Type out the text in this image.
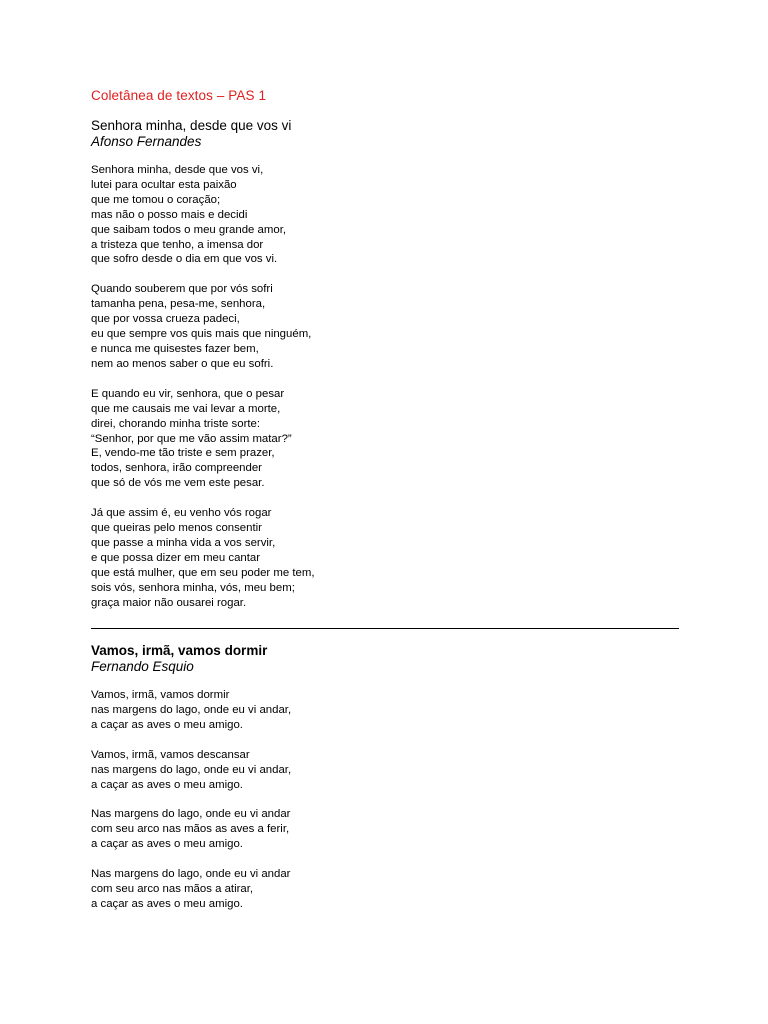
Coletânea de textos – PAS 1
Senhora minha, desde que vos vi
Afonso Fernandes
Senhora minha, desde que vos vi,
lutei para ocultar esta paixão
que me tomou o coração;
mas não o posso mais e decidi
que saibam todos o meu grande amor,
a tristeza que tenho, a imensa dor
que sofro desde o dia em que vos vi.
Quando souberem que por vós sofri
tamanha pena, pesa-me, senhora,
que por vossa crueza padeci,
eu que sempre vos quis mais que ninguém,
e nunca me quisestes fazer bem,
nem ao menos saber o que eu sofri.
E quando eu vir, senhora, que o pesar
que me causais me vai levar a morte,
direi, chorando minha triste sorte:
“Senhor, por que me vão assim matar?”
E, vendo-me tão triste e sem prazer,
todos, senhora, irão compreender
que só de vós me vem este pesar.
Já que assim é, eu venho vós rogar
que queiras pelo menos consentir
que passe a minha vida a vos servir,
e que possa dizer em meu cantar
que está mulher, que em seu poder me tem,
sois vós, senhora minha, vós, meu bem;
graça maior não ousarei rogar.
Vamos, irmã, vamos dormir
Fernando Esquio
Vamos, irmã, vamos dormir
nas margens do lago, onde eu vi andar,
a caçar as aves o meu amigo.
Vamos, irmã, vamos descansar
nas margens do lago, onde eu vi andar,
a caçar as aves o meu amigo.
Nas margens do lago, onde eu vi andar
com seu arco nas mãos as aves a ferir,
a caçar as aves o meu amigo.
Nas margens do lago, onde eu vi andar
com seu arco nas mãos a atirar,
a caçar as aves o meu amigo.
